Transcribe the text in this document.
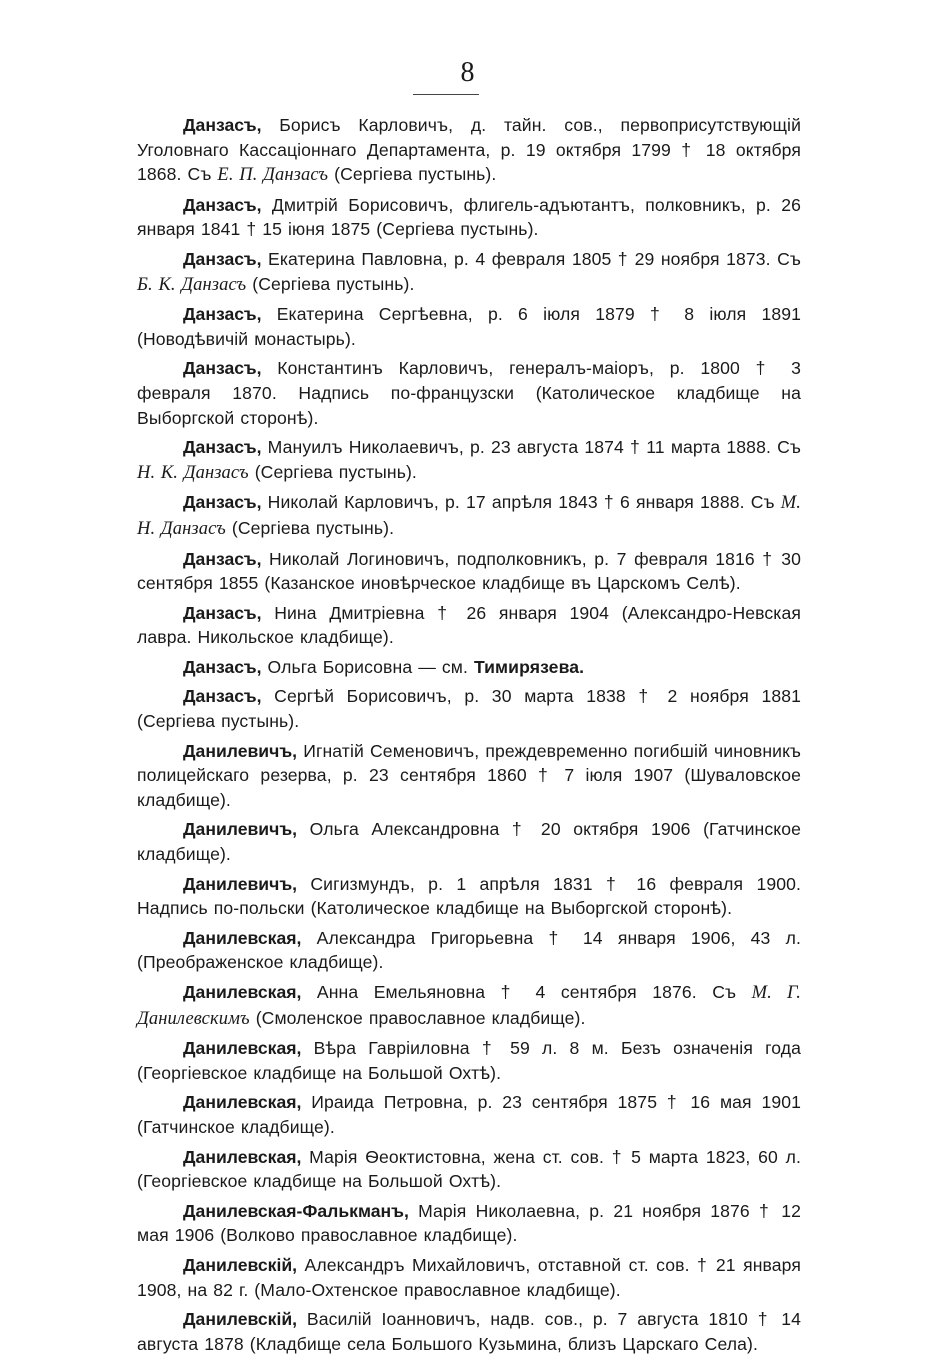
8

Данзасъ, Борисъ Карловичъ, д. тайн. сов., первоприсутствующій Уголовнаго Кассаціоннаго Департамента, р. 19 октября 1799 † 18 октября 1868. Съ Е. П. Данзасъ (Сергіева пустынь).

Данзасъ, Дмитрій Борисовичъ, флигель-адъютантъ, полковникъ, р. 26 января 1841 † 15 іюня 1875 (Сергіева пустынь).

Данзасъ, Екатерина Павловна, р. 4 февраля 1805 † 29 ноября 1873. Съ Б. К. Данзасъ (Сергіева пустынь).

Данзасъ, Екатерина Сергѣевна, р. 6 іюля 1879 † 8 іюля 1891 (Новодѣвичій монастырь).

Данзасъ, Константинъ Карловичъ, генералъ-маіоръ, р. 1800 † 3 февраля 1870. Надпись по-французски (Католическое кладбище на Выборгской сторонѣ).

Данзасъ, Мануилъ Николаевичъ, р. 23 августа 1874 † 11 марта 1888. Съ Н. К. Данзасъ (Сергіева пустынь).

Данзасъ, Николай Карловичъ, р. 17 апрѣля 1843 † 6 января 1888. Съ М. Н. Данзасъ (Сергіева пустынь).

Данзасъ, Николай Логиновичъ, подполковникъ, р. 7 февраля 1816 † 30 сентября 1855 (Казанское иновѣрческое кладбище въ Царскомъ Селѣ).

Данзасъ, Нина Дмитріевна † 26 января 1904 (Александро-Невская лавра. Никольское кладбище).

Данзасъ, Ольга Борисовна — см. Тимирязева.

Данзасъ, Сергѣй Борисовичъ, р. 30 марта 1838 † 2 ноября 1881 (Сергіева пустынь).

Данилевичъ, Игнатій Семеновичъ, преждевременно погибшій чиновникъ полицейскаго резерва, р. 23 сентября 1860 † 7 іюля 1907 (Шуваловское кладбище).

Данилевичъ, Ольга Александровна † 20 октября 1906 (Гатчинское кладбище).

Данилевичъ, Сигизмундъ, р. 1 апрѣля 1831 † 16 февраля 1900. Надпись по-польски (Католическое кладбище на Выборгской сторонѣ).

Данилевская, Александра Григорьевна † 14 января 1906, 43 л. (Преображенское кладбище).

Данилевская, Анна Емельяновна † 4 сентября 1876. Съ М. Г. Данилевскимъ (Смоленское православное кладбище).

Данилевская, Вѣра Гавріиловна † 59 л. 8 м. Безъ означенія года (Георгіевское кладбище на Большой Охтѣ).

Данилевская, Ираида Петровна, р. 23 сентября 1875 † 16 мая 1901 (Гатчинское кладбище).

Данилевская, Марія Ѳеоктистовна, жена ст. сов. † 5 марта 1823, 60 л. (Георгіевское кладбище на Большой Охтѣ).

Данилевская-Фалькманъ, Марія Николаевна, р. 21 ноября 1876 † 12 мая 1906 (Волково православное кладбище).

Данилевскій, Александръ Михайловичъ, отставной ст. сов. † 21 января 1908, на 82 г. (Мало-Охтенское православное кладбище).

Данилевскій, Василій Іоанновичъ, надв. сов., р. 7 августа 1810 † 14 августа 1878 (Кладбище села Большого Кузьмина, близъ Царскаго Села).
